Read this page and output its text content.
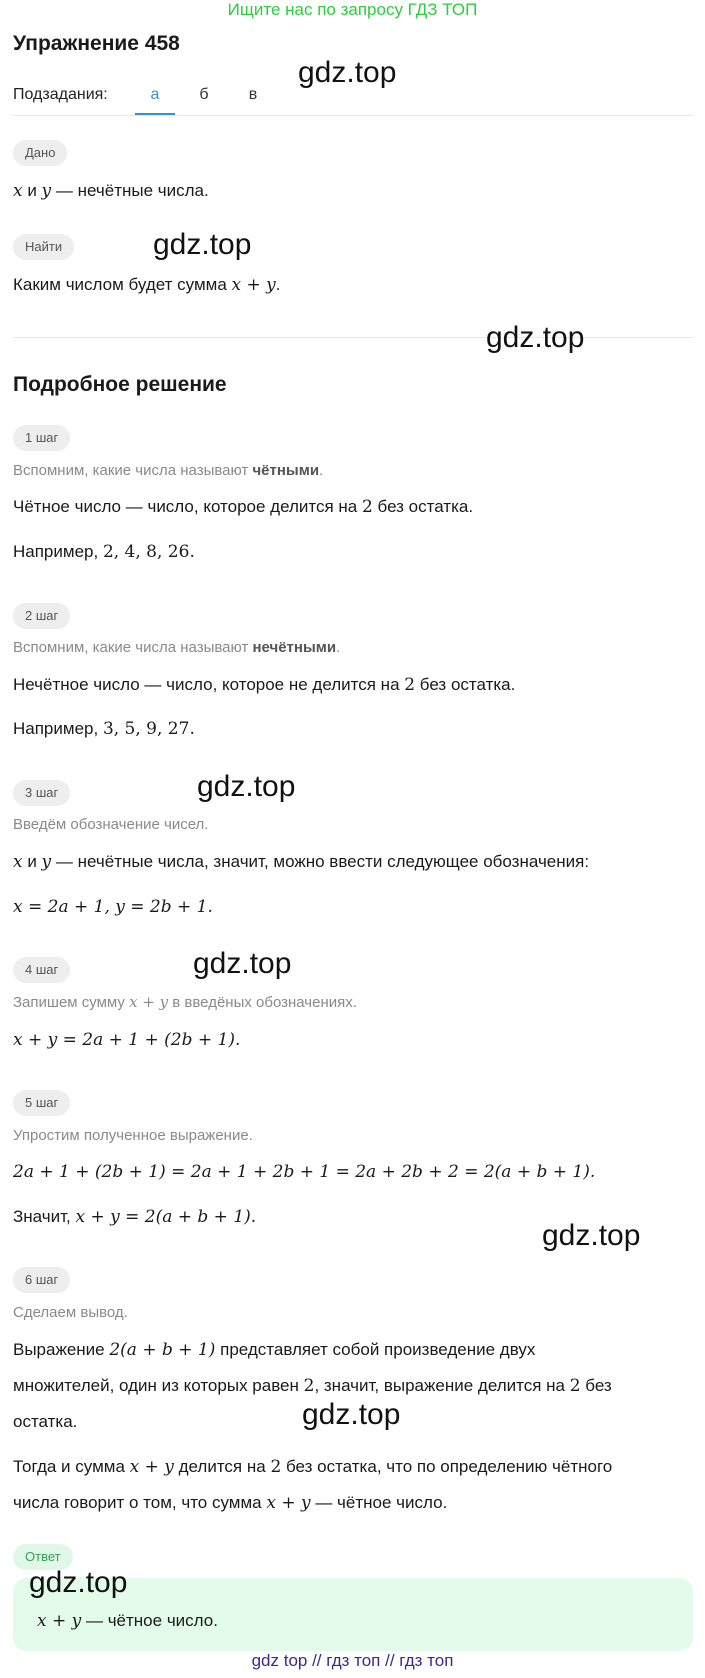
Ищите нас по запросу ГДЗ ТОП
Упражнение 458
Подзадания:	а	б	в
gdz.top
Дано
x и y — нечётные числа.
Найти	gdz.top
Каким числом будет сумма x + y.
gdz.top
Подробное решение
1 шаг
Вспомним, какие числа называют чётными.
Чётное число — число, которое делится на 2 без остатка.
Например, 2, 4, 8, 26.
2 шаг
Вспомним, какие числа называют нечётными.
Нечётное число — число, которое не делится на 2 без остатка.
Например, 3, 5, 9, 27.
3 шаг	gdz.top
Введём обозначение чисел.
x и y — нечётные числа, значит, можно ввести следующее обозначения:
x = 2a + 1, y = 2b + 1.
4 шаг	gdz.top
Запишем сумму x + y в введёных обозначениях.
x + y = 2a + 1 + (2b + 1).
5 шаг
Упростим полученное выражение.
2a + 1 + (2b + 1) = 2a + 1 + 2b + 1 = 2a + 2b + 2 = 2(a + b + 1).
Значит, x + y = 2(a + b + 1).
gdz.top
6 шаг
Сделаем вывод.
Выражение 2(a + b + 1) представляет собой произведение двух
множителей, один из которых равен 2, значит, выражение делится на 2 без
остатка.	gdz.top
Тогда и сумма x + y делится на 2 без остатка, что по определению чётного
числа говорит о том, что сумма x + y — чётное число.
Ответ
x + y — чётное число.
gdz.top
gdz top // гдз топ // гдз топ
